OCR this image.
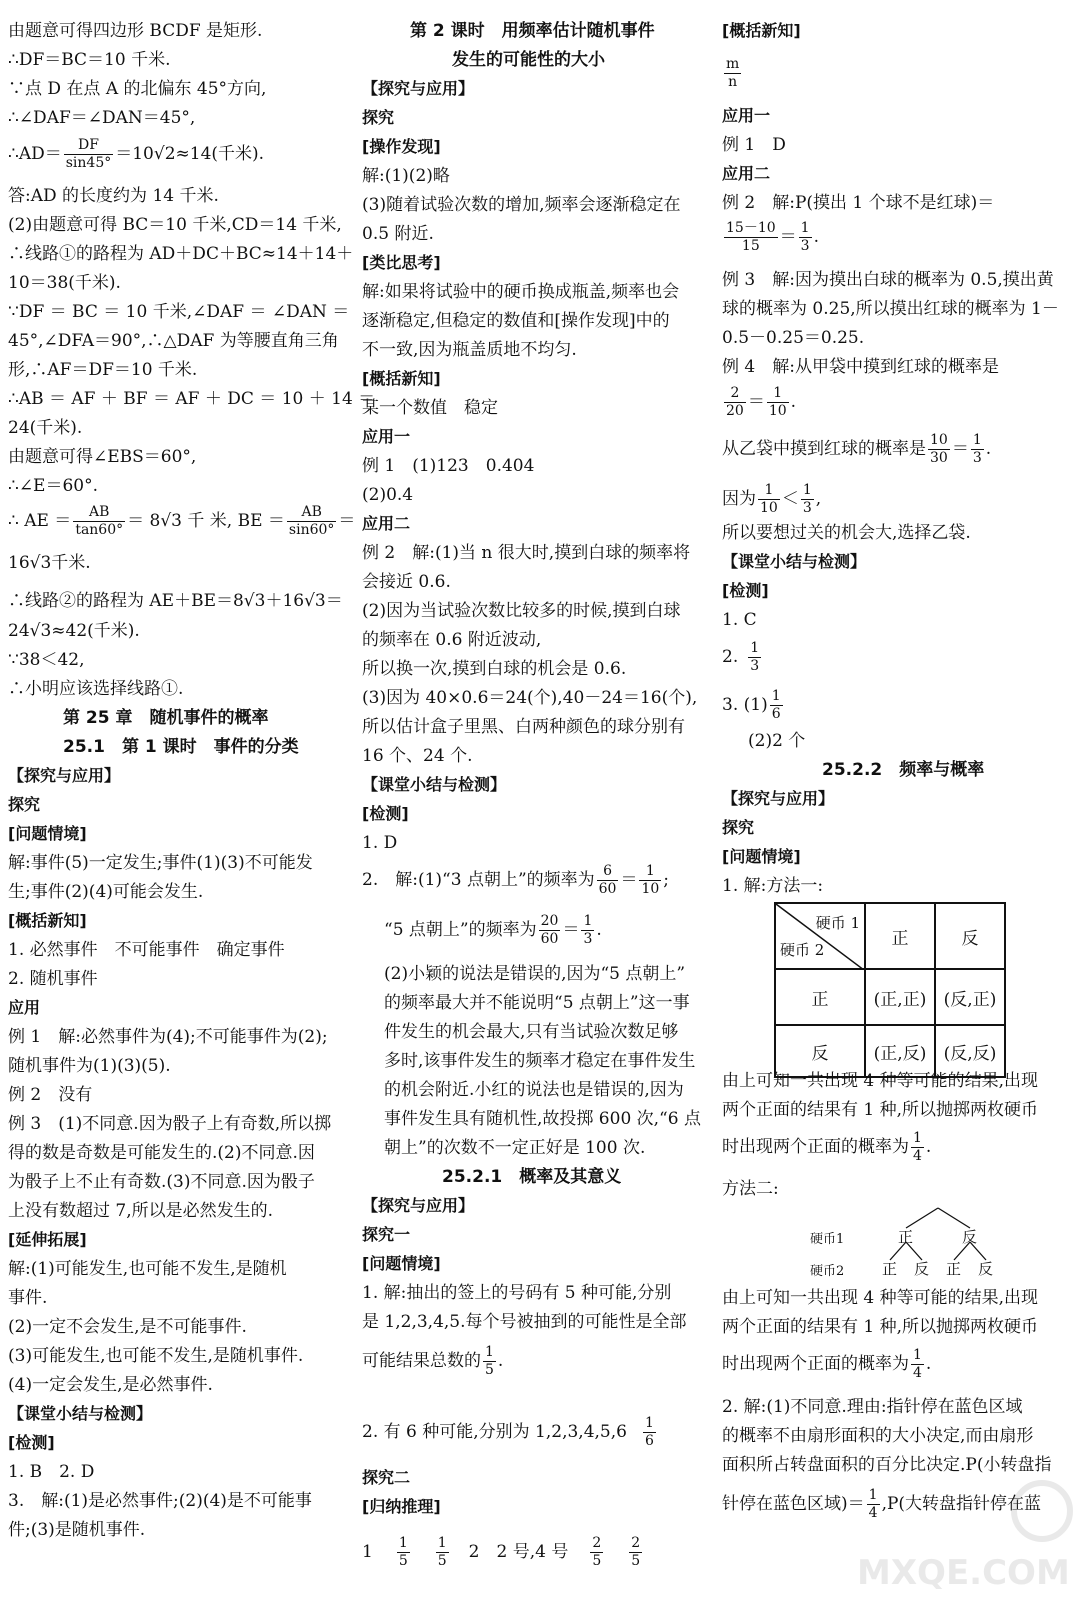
由题意可得四边形 BCDF 是矩形.
∴DF＝BC＝10 千米.
∵点 D 在点 A 的北偏东 45°方向,
∴∠DAF＝∠DAN＝45°,
∴AD＝ $\frac{DF}{\sin 45^\circ} =10√2\approx 14$(千米).
答:AD 的长度约为 14 千米.
(2)由题意可得 BC＝10 千米,CD＝14 千米,
∴线路①的路程为 AD＋DC＋BC≈14＋14＋
10＝38(千米).
∵DF ＝ BC ＝ 10 千米,∠DAF ＝ ∠DAN ＝
45°,∠DFA＝90°,∴△DAF 为等腰直角三角
形,∴AF＝DF＝10 千米.
∴AB ＝ AF ＋ BF ＝ AF ＋ DC ＝ 10 ＋ 14 ＝
24(千米).
由题意可得∠EBS＝60°,
∴∠E＝60°.
∴ AE ＝ $\frac{AB}{\tan 60^\circ} = 8√3$ 千 米, BE ＝ $\frac{AB}{\sin 60^\circ}$ ＝
16√3千米.
∴线路②的路程为 AE＋BE＝8√3＋16√3＝
24√3≈42(千米).
∵38＜42,
∴小明应该选择线路①.
第 25 章　随机事件的概率
25.1　第 1 课时　事件的分类
【探究与应用】
探究
[问题情境]
解:事件(5)一定发生;事件(1)(3)不可能发
生;事件(2)(4)可能会发生.
[概括新知]
1. 必然事件　不可能事件　确定事件
2. 随机事件
应用
例 1　解:必然事件为(4);不可能事件为(2);
随机事件为(1)(3)(5).
例 2　没有
例 3　(1)不同意.因为骰子上有奇数,所以掷
得的数是奇数是可能发生的.(2)不同意.因
为骰子上不止有奇数.(3)不同意.因为骰子
上没有数超过 7,所以是必然发生的.
[延伸拓展]
解:(1)可能发生,也可能不发生,是随机
事件.
(2)一定不会发生,是不可能事件.
(3)可能发生,也可能不发生,是随机事件.
(4)一定会发生,是必然事件.
【课堂小结与检测】
[检测]
1. B　2. D
3.　解:(1)是必然事件;(2)(4)是不可能事
件;(3)是随机事件.
第 2 课时　用频率估计随机事件
发生的可能性的大小
【探究与应用】
探究
[操作发现]
解:(1)(2)略
(3)随着试验次数的增加,频率会逐渐稳定在
0.5 附近.
[类比思考]
解:如果将试验中的硬币换成瓶盖,频率也会
逐渐稳定,但稳定的数值和[操作发现]中的
不一致,因为瓶盖质地不均匀.
[概括新知]
某一个数值　稳定
应用一
例 1　(1)123　0.404
(2)0.4
应用二
例 2　解:(1)当 n 很大时,摸到白球的频率将
会接近 0.6.
(2)因为当试验次数比较多的时候,摸到白球
的频率在 0.6 附近波动,
所以换一次,摸到白球的机会是 0.6.
(3)因为 40×0.6＝24(个),40－24＝16(个),
所以估计盒子里黑、白两种颜色的球分别有
16 个、24 个.
【课堂小结与检测】
[检测]
1. D
2.　解:(1)“3 点朝上”的频率为 $\frac{6}{60} = \frac{1}{10}$ ;
“5 点朝上”的频率为 $\frac{20}{60} = \frac{1}{3}$ .
(2)小颖的说法是错误的,因为“5 点朝上”
的频率最大并不能说明“5 点朝上”这一事
件发生的机会最大,只有当试验次数足够
多时,该事件发生的频率才稳定在事件发生
的机会附近.小红的说法也是错误的,因为
事件发生具有随机性,故投掷 600 次,“6 点
朝上”的次数不一定正好是 100 次.
25.2.1　概率及其意义
【探究与应用】
探究一
[问题情境]
1. 解:抽出的签上的号码有 5 种可能,分别
是 1,2,3,4,5.每个号被抽到的可能性是全部
可能结果总数的 $\frac{1}{5}$ .
2. 有 6 种可能,分别为 $1,2,3,4,5,6 \frac{1}{6}$
探究二
[归纳推理]
$1 \frac{1}{5} \frac{1}{5} 2$　2 号,4 号 $\frac{2}{5} \frac{2}{5}$
[概括新知]
$\frac{m}{n}$
应用一
例 1　D
应用二
例 2　解:P(摸出 1 个球不是红球)＝
$\frac{15-10}{15} = \frac{1}{3}$ .
例 3　解:因为摸出白球的概率为 0.5,摸出黄
球的概率为 0.25,所以摸出红球的概率为 1－
0.5－0.25＝0.25.
例 4　解:从甲袋中摸到红球的概率是
$\frac{2}{20} = \frac{1}{10}$ .
从乙袋中摸到红球的概率是 $\frac{10}{30} = \frac{1}{3}$ .
因为 $\frac{1}{10} < \frac{1}{3}$ ,
所以要想过关的机会大,选择乙袋.
【课堂小结与检测】
[检测]
1. C
2. $\frac{1}{3}$
3. $(1) \frac{1}{6}$
(2)2 个
25.2.2　频率与概率
【探究与应用】
探究
[问题情境]
1. 解:方法一:
硬币 1
硬币 2	正	反
正	(正,正)	(反,正)
反	(正,反)	(反,反)
由上可知一共出现 4 种等可能的结果,出现
两个正面的结果有 1 种,所以抛掷两枚硬币
时出现两个正面的概率为 $\frac{1}{4}$ .
方法二:
硬币1	正	反
硬币2	正 反 正 反
由上可知一共出现 4 种等可能的结果,出现
两个正面的结果有 1 种,所以抛掷两枚硬币
时出现两个正面的概率为 $\frac{1}{4}$ .
2. 解:(1)不同意.理由:指针停在蓝色区域
的概率不由扇形面积的大小决定,而由扇形
面积所占转盘面积的百分比决定.P(小转盘指
针停在蓝色区域)＝ $\frac{1}{4} ,P$(大转盘指针停在蓝
MXQE.COM
